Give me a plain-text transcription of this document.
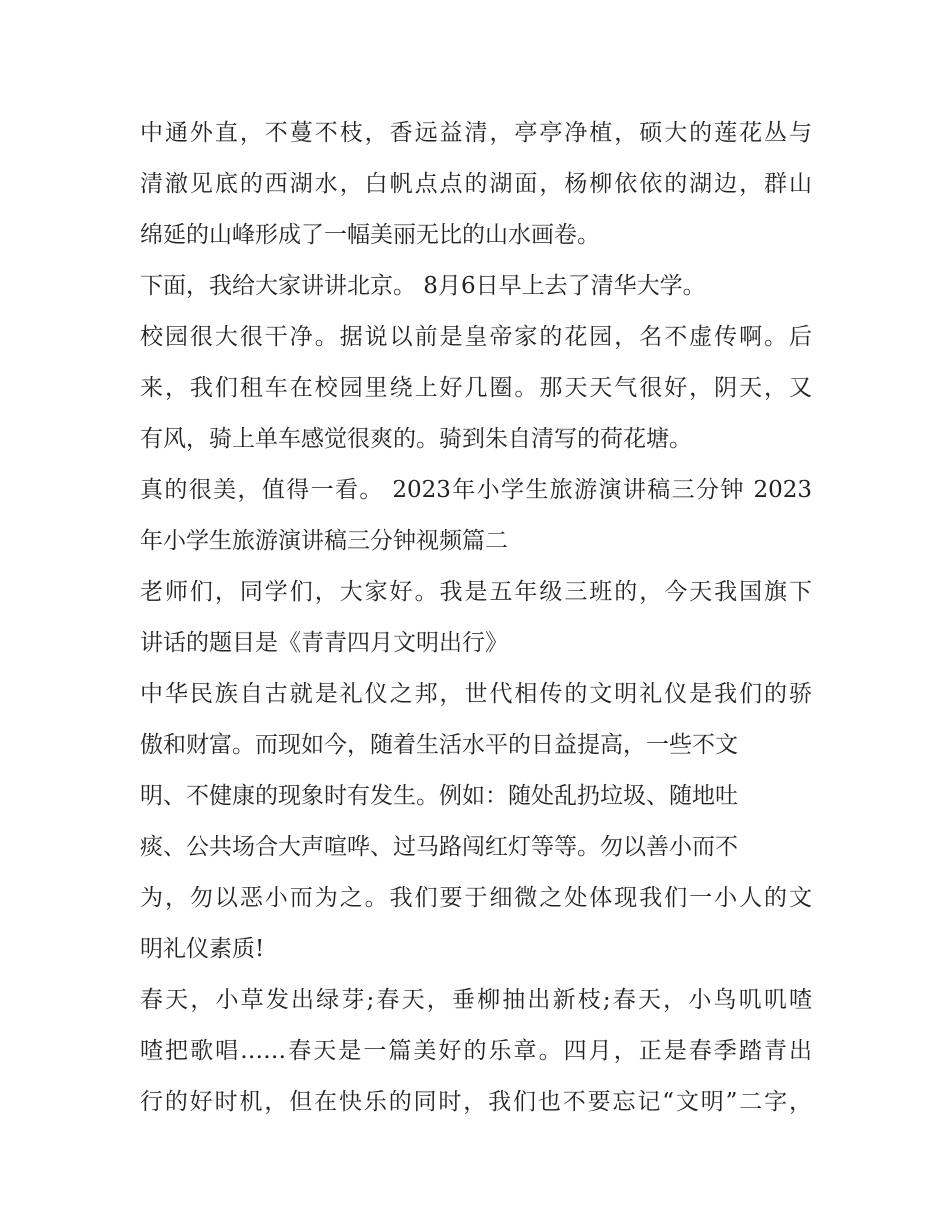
中通外直，不蔓不枝，香远益清，亭亭净植，硕大的莲花丛与
清澈见底的西湖水，白帆点点的湖面，杨柳依依的湖边，群山
绵延的山峰形成了一幅美丽无比的山水画卷。
下面，我给大家讲讲北京。 8月6日早上去了清华大学。
校园很大很干净。据说以前是皇帝家的花园，名不虚传啊。后
来，我们租车在校园里绕上好几圈。那天天气很好，阴天，又
有风，骑上单车感觉很爽的。骑到朱自清写的荷花塘。
真的很美，值得一看。 2023年小学生旅游演讲稿三分钟 2023
年小学生旅游演讲稿三分钟视频篇二
老师们，同学们，大家好。我是五年级三班的，今天我国旗下
讲话的题目是《青青四月文明出行》
中华民族自古就是礼仪之邦，世代相传的文明礼仪是我们的骄
傲和财富。而现如今，随着生活水平的日益提高，一些不文
明、不健康的现象时有发生。例如：随处乱扔垃圾、随地吐
痰、公共场合大声喧哗、过马路闯红灯等等。勿以善小而不
为，勿以恶小而为之。我们要于细微之处体现我们一小人的文
明礼仪素质!
春天，小草发出绿芽;春天，垂柳抽出新枝;春天，小鸟叽叽喳
喳把歌唱……春天是一篇美好的乐章。四月，正是春季踏青出
行的好时机，但在快乐的同时，我们也不要忘记“文明”二字，
